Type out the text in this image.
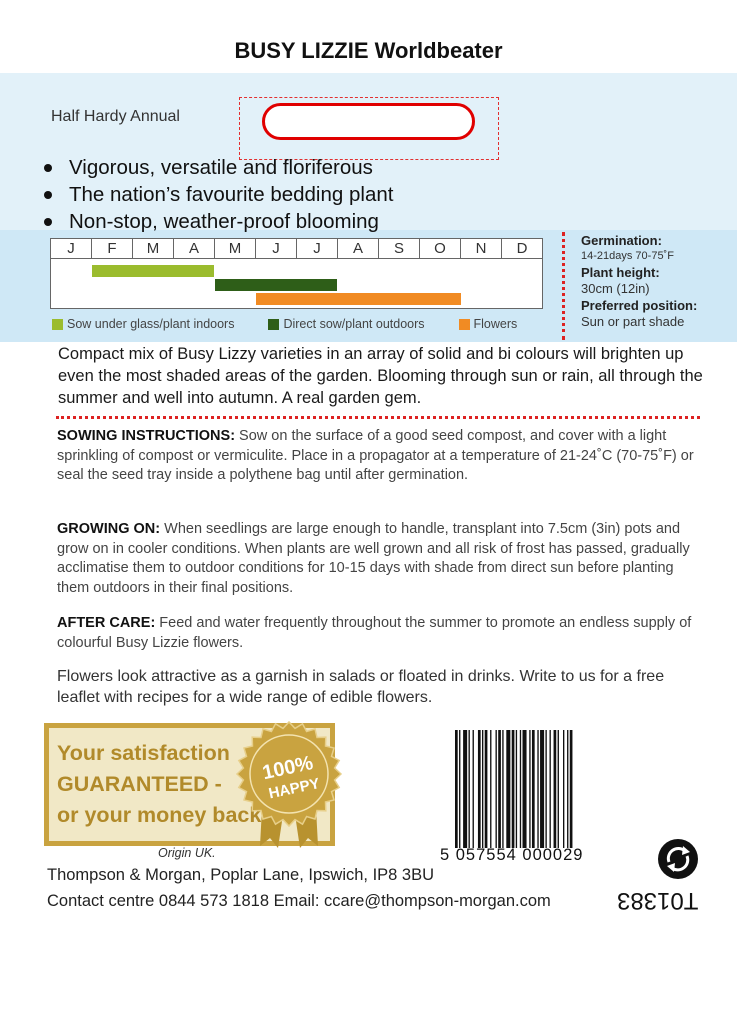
BUSY LIZZIE Worldbeater
Half Hardy Annual
Vigorous, versatile and floriferous
The nation’s favourite bedding plant
Non-stop, weather-proof blooming
J	F	M	A	M	J	J	A	S	O	N	D
Sow under glass/plant indoors	Direct sow/plant outdoors	Flowers
Germination:
14-21days 70-75˚F
Plant height:
30cm (12in)
Preferred position:
Sun or part shade
Compact mix of Busy Lizzy varieties in an array of solid and bi colours will brighten up even the most shaded areas of the garden. Blooming through sun or rain, all through the summer and well into autumn. A real garden gem.
SOWING INSTRUCTIONS: Sow on the surface of a good seed compost, and cover with a light sprinkling of compost or vermiculite. Place in a propagator at a temperature of 21-24˚C (70-75˚F) or seal the seed tray inside a polythene bag until after germination.
GROWING ON: When seedlings are large enough to handle, transplant into 7.5cm (3in) pots and grow on in cooler conditions. When plants are well grown and all risk of frost has passed, gradually acclimatise them to outdoor conditions for 10-15 days with shade from direct sun before planting them outdoors in their final positions.
AFTER CARE: Feed and water frequently throughout the summer to promote an endless supply of colourful Busy Lizzie flowers.
Flowers look attractive as a garnish in salads or floated in drinks. Write to us for a free leaflet with recipes for a wide range of edible flowers.
Your satisfaction
GUARANTEED -
or your money back
100%
HAPPY
Origin UK.
Thompson & Morgan, Poplar Lane, Ipswich, IP8 3BU
Contact centre 0844 573 1818 Email: ccare@thompson-morgan.com
5 057554 000029
T01383
